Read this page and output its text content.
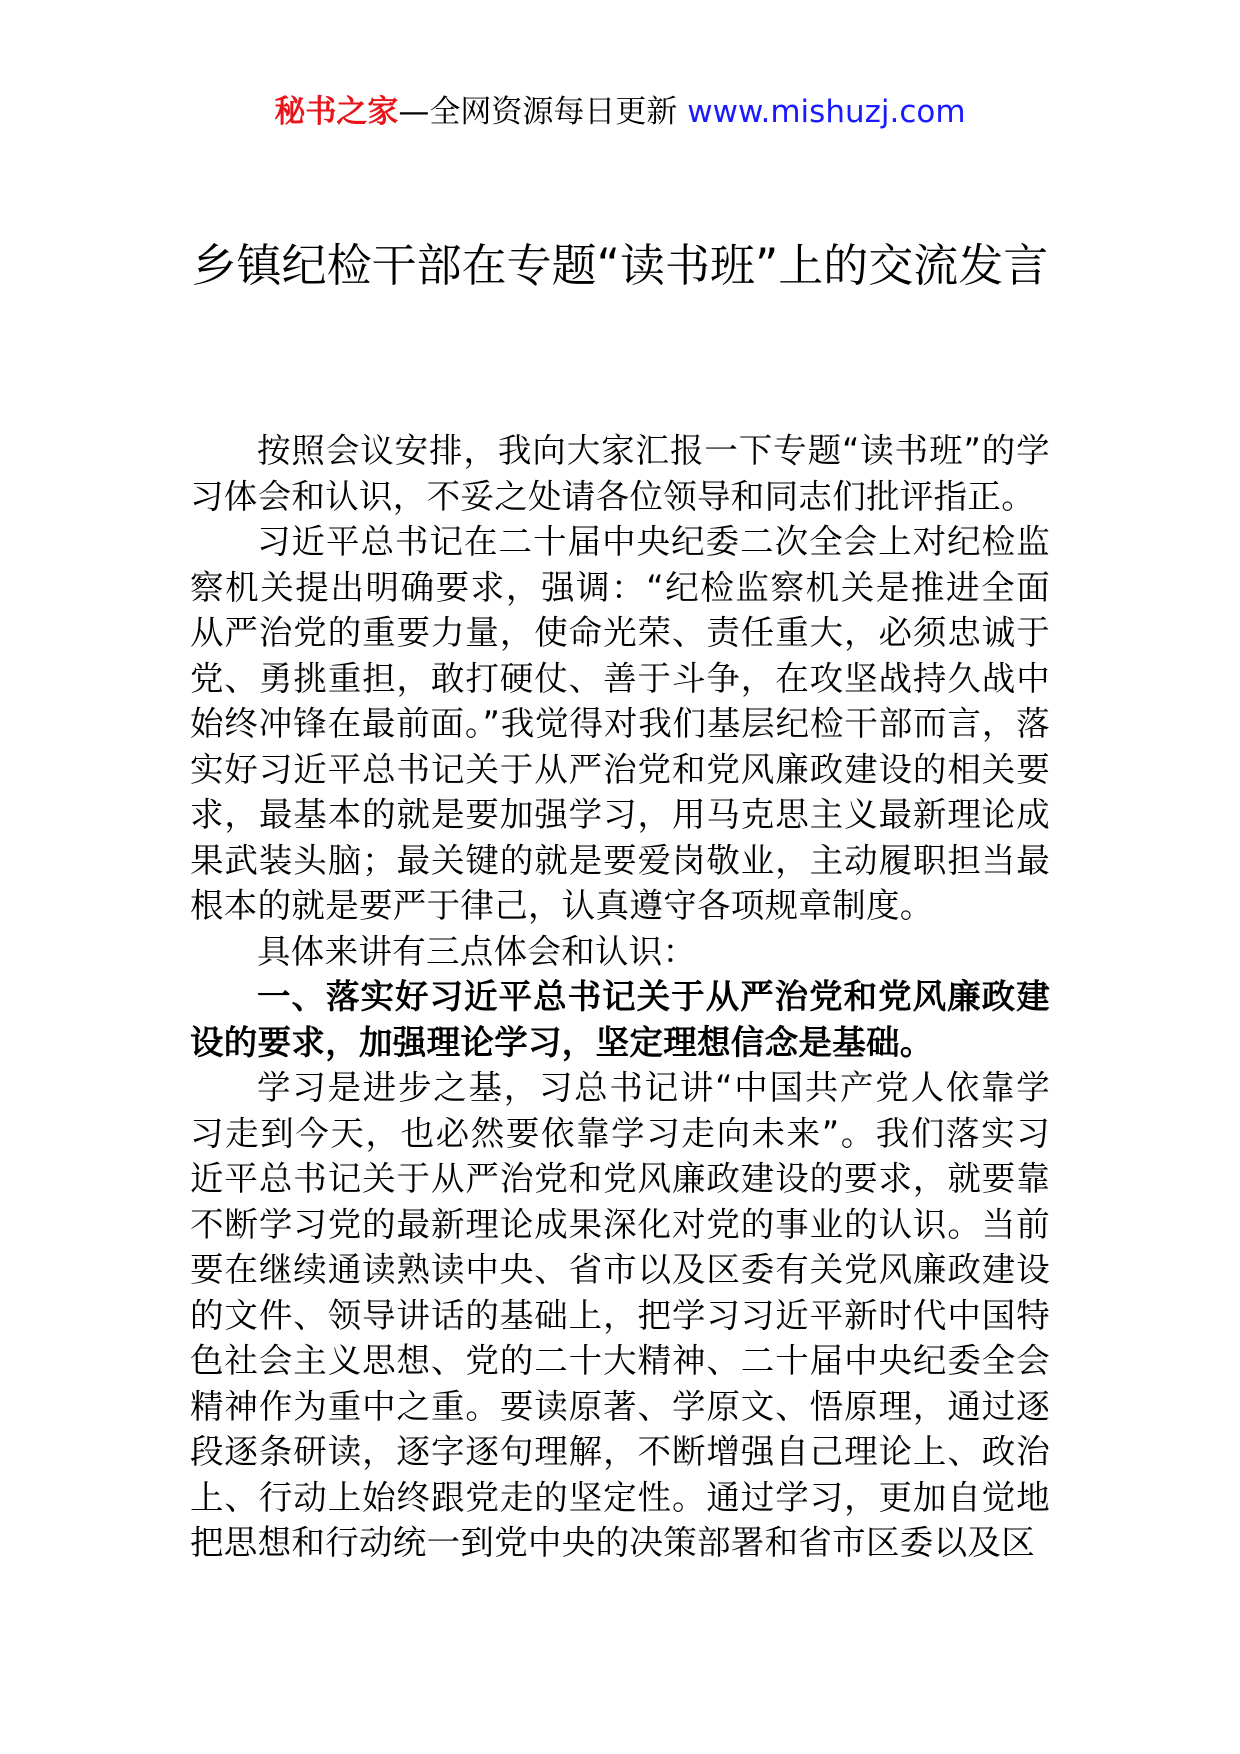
秘书之家—全网资源每日更新 www.mishuzj.com
乡镇纪检干部在专题“读书班”上的交流发言

按照会议安排，我向大家汇报一下专题“读书班”的学习体会和认识，不妥之处请各位领导和同志们批评指正。

习近平总书记在二十届中央纪委二次全会上对纪检监察机关提出明确要求，强调：“纪检监察机关是推进全面从严治党的重要力量，使命光荣、责任重大，必须忠诚于党、勇挑重担，敢打硬仗、善于斗争，在攻坚战持久战中始终冲锋在最前面。”我觉得对我们基层纪检干部而言，落实好习近平总书记关于从严治党和党风廉政建设的相关要求，最基本的就是要加强学习，用马克思主义最新理论成果武装头脑；最关键的就是要爱岗敬业，主动履职担当最根本的就是要严于律己，认真遵守各项规章制度。

具体来讲有三点体会和认识：

一、落实好习近平总书记关于从严治党和党风廉政建设的要求，加强理论学习，坚定理想信念是基础。

学习是进步之基，习总书记讲“中国共产党人依靠学习走到今天，也必然要依靠学习走向未来”。我们落实习近平总书记关于从严治党和党风廉政建设的要求，就要靠不断学习党的最新理论成果深化对党的事业的认识。当前要在继续通读熟读中央、省市以及区委有关党风廉政建设的文件、领导讲话的基础上，把学习习近平新时代中国特色社会主义思想、党的二十大精神、二十届中央纪委全会精神作为重中之重。要读原著、学原文、悟原理，通过逐段逐条研读，逐字逐句理解，不断增强自己理论上、政治上、行动上始终跟党走的坚定性。通过学习，更加自觉地把思想和行动统一到党中央的决策部署和省市区委以及区
